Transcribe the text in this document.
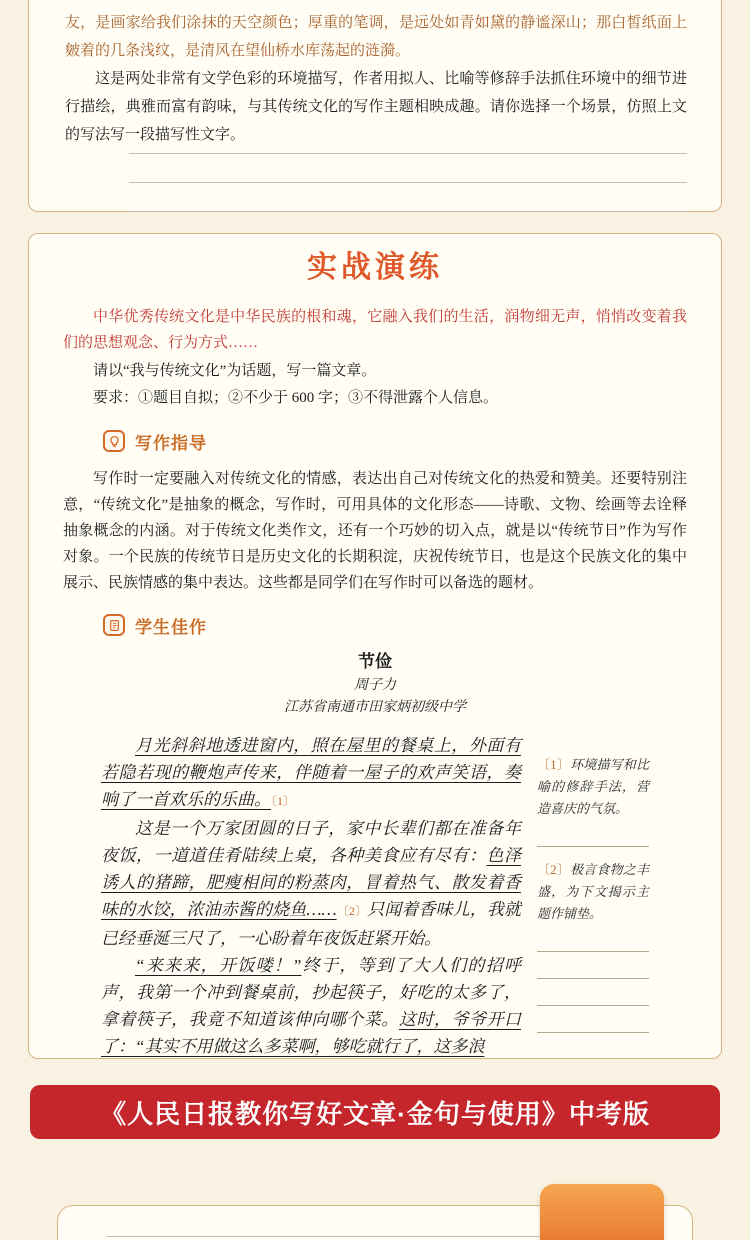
友，是画家给我们涂抹的天空颜色；厚重的笔调，是远处如青如黛的静谧深山；那白皙纸面上皴着的几条浅纹，是清风在望仙桥水库荡起的涟漪。

这是两处非常有文学色彩的环境描写，作者用拟人、比喻等修辞手法抓住环境中的细节进行描绘，典雅而富有韵味，与其传统文化的写作主题相映成趣。请你选择一个场景，仿照上文的写法写一段描写性文字。

实战演练

中华优秀传统文化是中华民族的根和魂，它融入我们的生活，润物细无声，悄悄改变着我们的思想观念、行为方式……

请以“我与传统文化”为话题，写一篇文章。

要求：①题目自拟；②不少于 600 字；③不得泄露个人信息。

写作指导

写作时一定要融入对传统文化的情感，表达出自己对传统文化的热爱和赞美。还要特别注意，“传统文化”是抽象的概念，写作时，可用具体的文化形态——诗歌、文物、绘画等去诠释抽象概念的内涵。对于传统文化类作文，还有一个巧妙的切入点，就是以“传统节日”作为写作对象。一个民族的传统节日是历史文化的长期积淀，庆祝传统节日，也是这个民族文化的集中展示、民族情感的集中表达。这些都是同学们在写作时可以备选的题材。

学生佳作
节俭
周子力
江苏省南通市田家炳初级中学

月光斜斜地透进窗内，照在屋里的餐桌上，外面有若隐若现的鞭炮声传来，伴随着一屋子的欢声笑语，奏响了一首欢乐的乐曲。〔1〕

这是一个万家团圆的日子，家中长辈们都在准备年夜饭，一道道佳肴陆续上桌，各种美食应有尽有：色泽诱人的猪蹄，肥瘦相间的粉蒸肉，冒着热气、散发着香味的水饺，浓油赤酱的烧鱼……〔2〕只闻着香味儿，我就已经垂涎三尺了，一心盼着年夜饭赶紧开始。

“来来来，开饭喽！”终于，等到了大人们的招呼声，我第一个冲到餐桌前，抄起筷子，好吃的太多了，拿着筷子，我竟不知道该伸向哪个菜。这时，爷爷开口了：“其实不用做这么多菜啊，够吃就行了，这多浪

〔1〕环境描写和比喻的修辞手法，营造喜庆的气氛。
〔2〕极言食物之丰盛，为下文揭示主题作铺垫。
《人民日报教你写好文章·金句与使用》中考版
